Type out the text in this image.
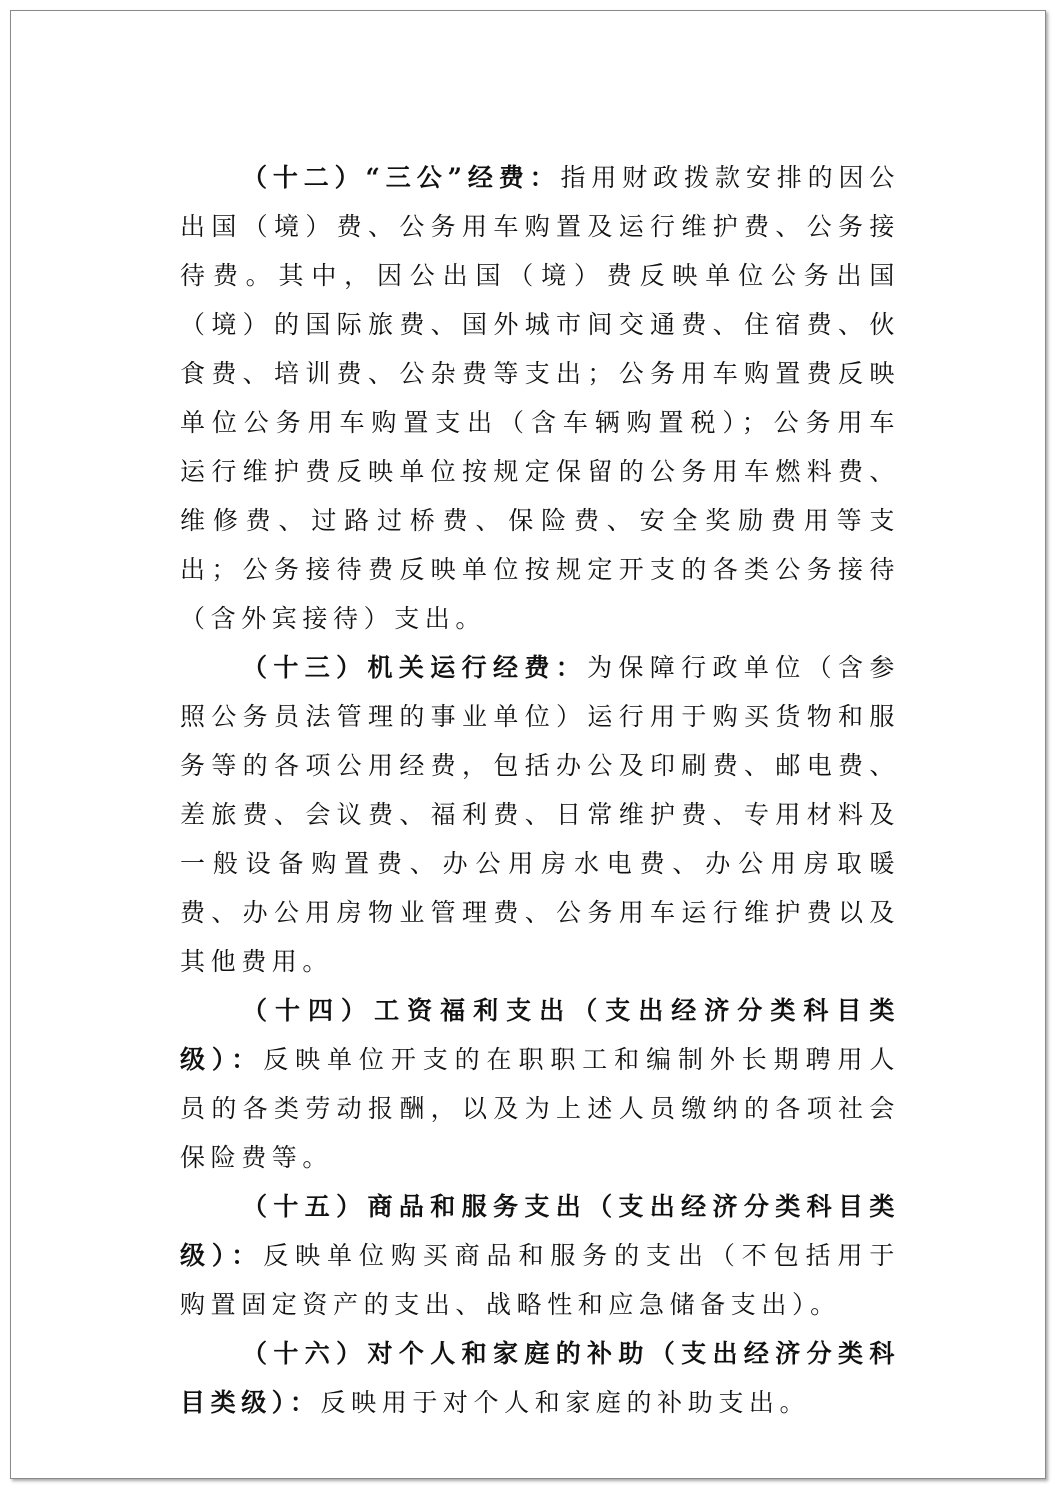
（十二）“三公”经费：指用财政拨款安排的因公出国（境）费、公务用车购置及运行维护费、公务接待费。其中，因公出国（境）费反映单位公务出国（境）的国际旅费、国外城市间交通费、住宿费、伙食费、培训费、公杂费等支出；公务用车购置费反映单位公务用车购置支出（含车辆购置税）；公务用车运行维护费反映单位按规定保留的公务用车燃料费、维修费、过路过桥费、保险费、安全奖励费用等支出；公务接待费反映单位按规定开支的各类公务接待（含外宾接待）支出。

（十三）机关运行经费：为保障行政单位（含参照公务员法管理的事业单位）运行用于购买货物和服务等的各项公用经费，包括办公及印刷费、邮电费、差旅费、会议费、福利费、日常维护费、专用材料及一般设备购置费、办公用房水电费、办公用房取暖费、办公用房物业管理费、公务用车运行维护费以及其他费用。

（十四）工资福利支出（支出经济分类科目类级）：反映单位开支的在职职工和编制外长期聘用人员的各类劳动报酬，以及为上述人员缴纳的各项社会保险费等。

（十五）商品和服务支出（支出经济分类科目类级）：反映单位购买商品和服务的支出（不包括用于购置固定资产的支出、战略性和应急储备支出）。

（十六）对个人和家庭的补助（支出经济分类科目类级）：反映用于对个人和家庭的补助支出。
